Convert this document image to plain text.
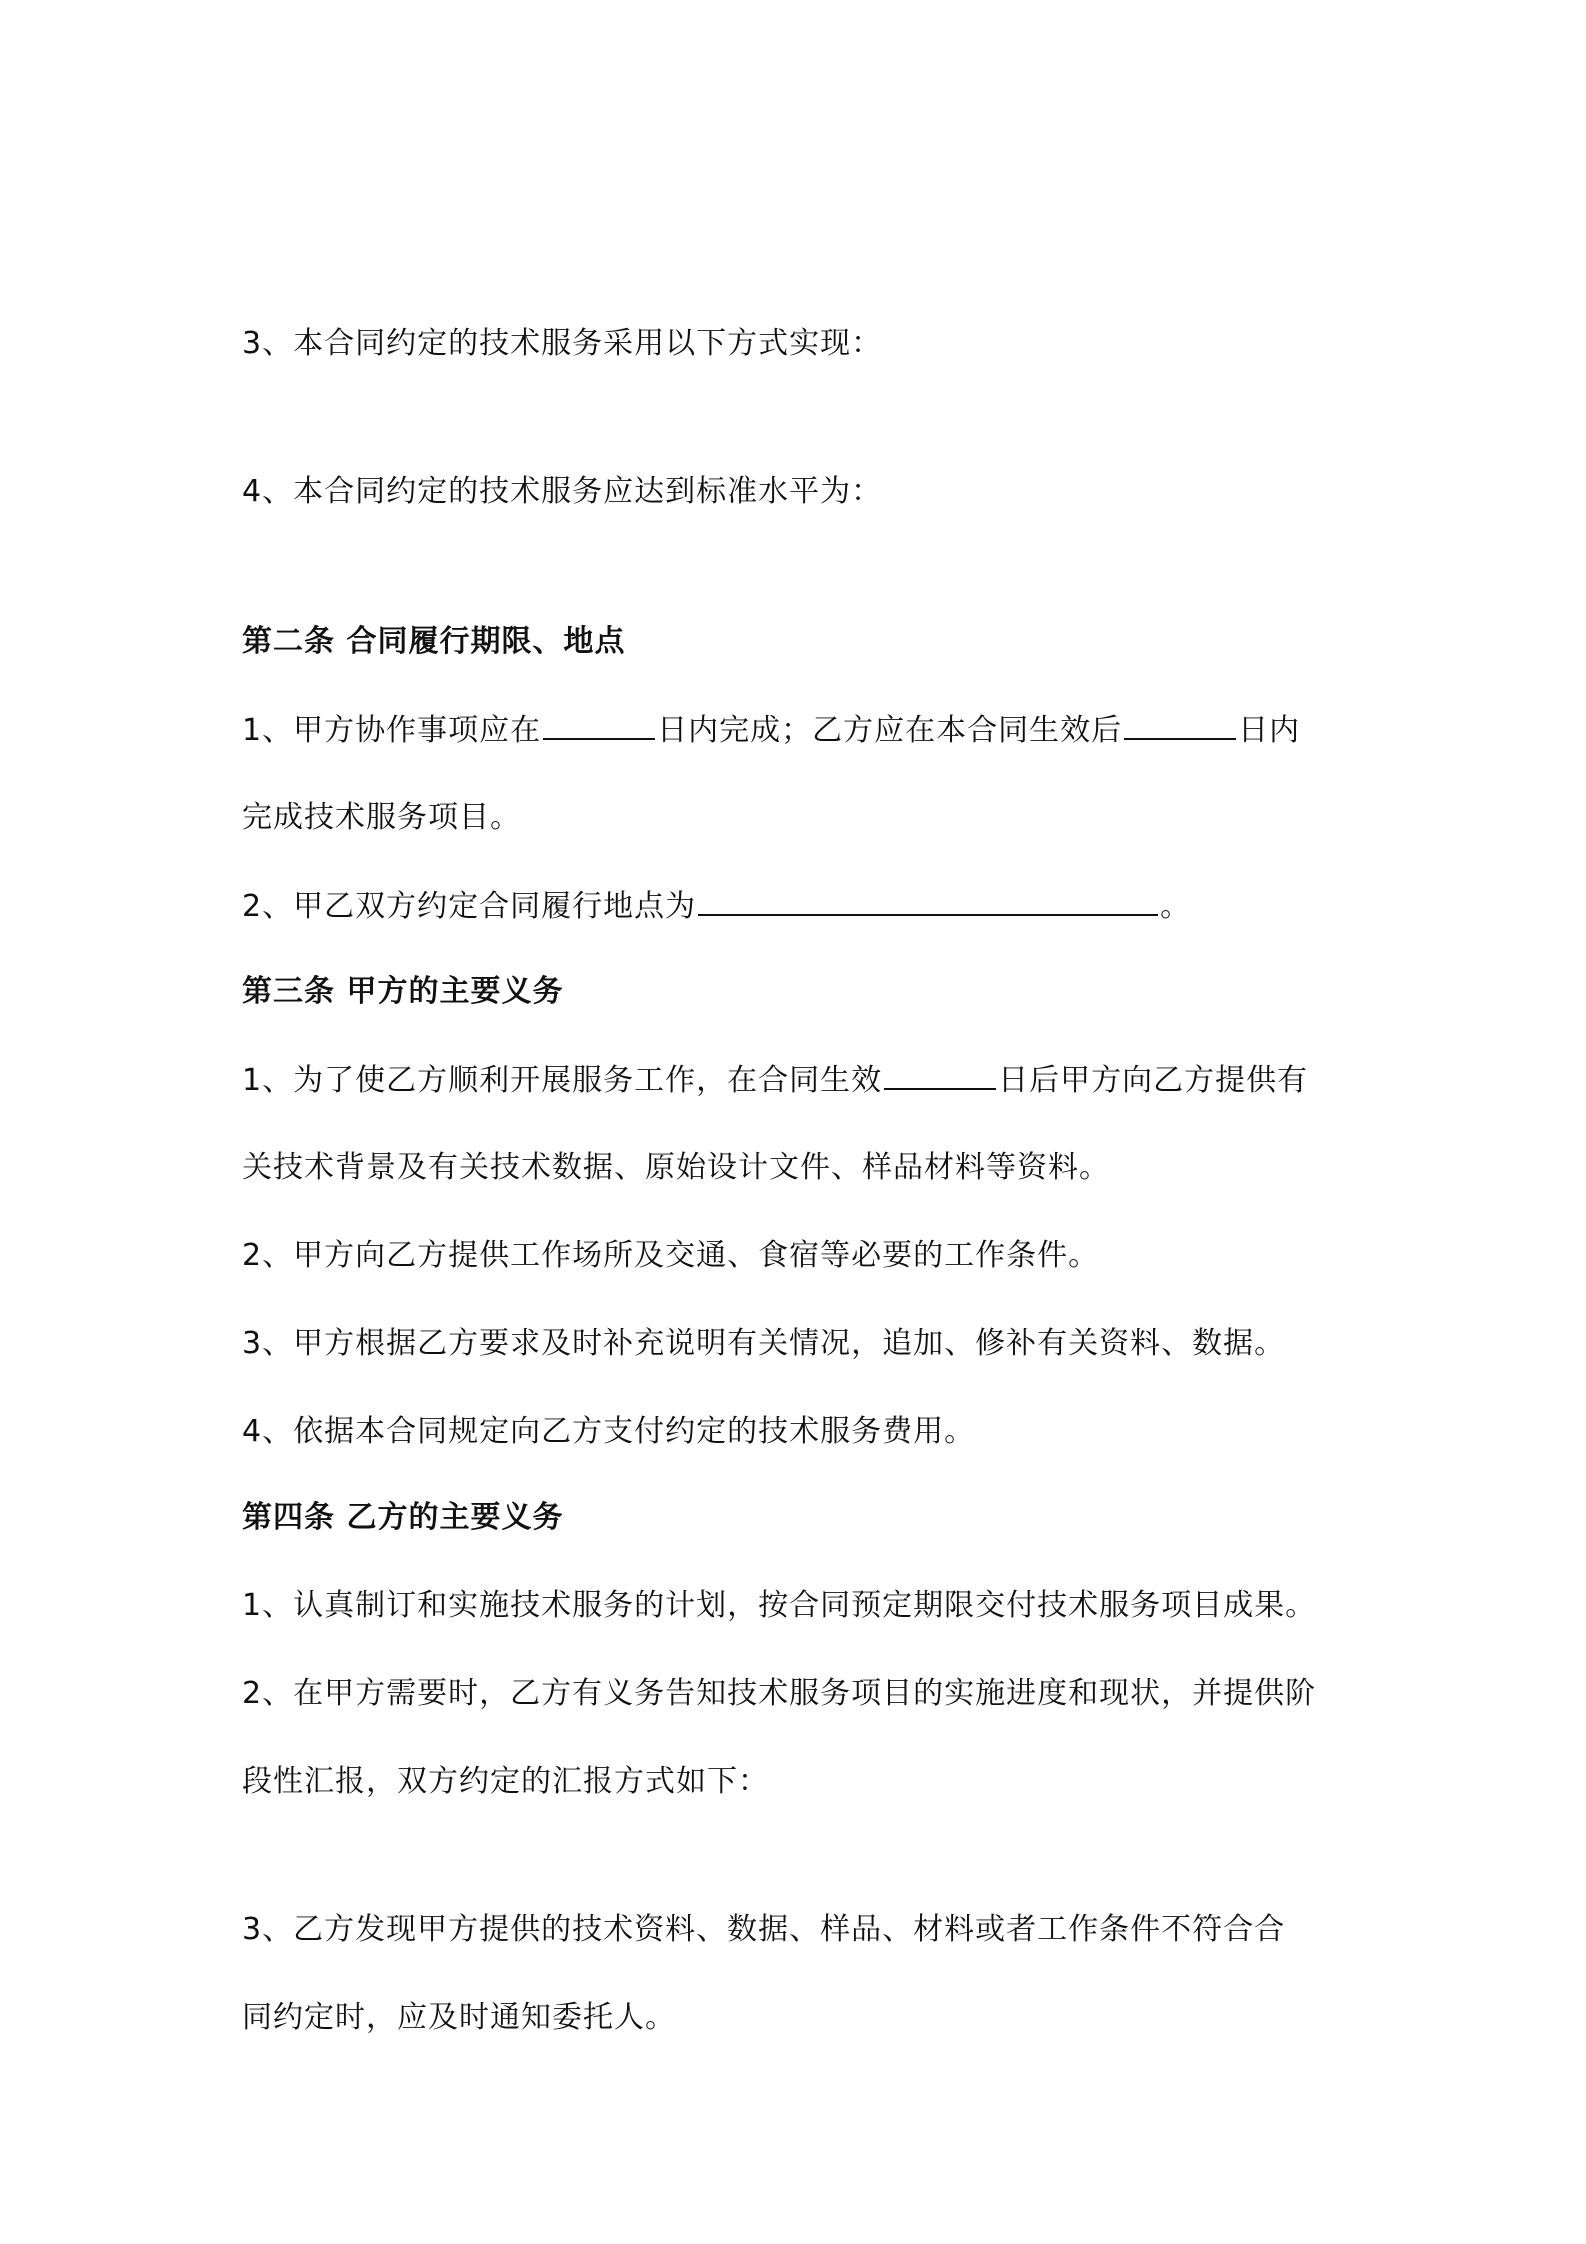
3、本合同约定的技术服务采用以下方式实现：
4、本合同约定的技术服务应达到标准水平为：
第二条 合同履行期限、地点
1、甲方协作事项应在	日内完成；乙方应在本合同生效后	日内
完成技术服务项目。
2、甲乙双方约定合同履行地点为	。
第三条 甲方的主要义务
1、为了使乙方顺利开展服务工作，在合同生效	日后甲方向乙方提供有
关技术背景及有关技术数据、原始设计文件、样品材料等资料。
2、甲方向乙方提供工作场所及交通、食宿等必要的工作条件。
3、甲方根据乙方要求及时补充说明有关情况，追加、修补有关资料、数据。
4、依据本合同规定向乙方支付约定的技术服务费用。
第四条 乙方的主要义务
1、认真制订和实施技术服务的计划，按合同预定期限交付技术服务项目成果。
2、在甲方需要时，乙方有义务告知技术服务项目的实施进度和现状，并提供阶
段性汇报，双方约定的汇报方式如下：
3、乙方发现甲方提供的技术资料、数据、样品、材料或者工作条件不符合合
同约定时，应及时通知委托人。
